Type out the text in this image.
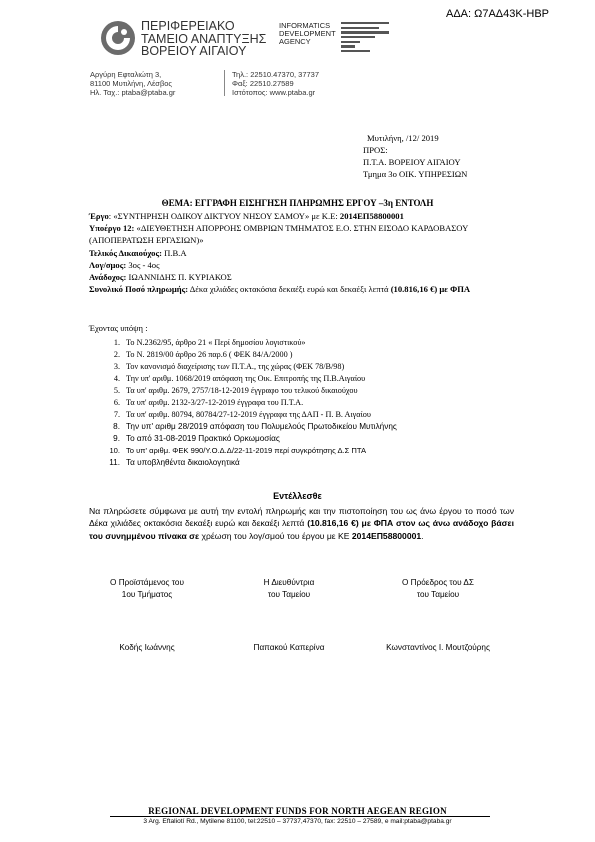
ΑΔΑ: Ω7ΑΔ43Κ-ΗΒΡ
ΠΕΡΙΦΕΡΕΙΑΚΟ
ΤΑΜΕΙΟ ΑΝΑΠΤΥΞΗΣ
ΒΟΡΕΙΟΥ ΑΙΓΑΙΟΥ
INFORMATICS
DEVELOPMENT
AGENCY
Αργύρη Εφταλιώτη 3,
81100 Μυτιλήνη, Λέσβος
Ηλ. Ταχ.: ptaba@ptaba.gr
Τηλ.: 22510.47370, 37737
Φαξ: 22510.27589
Ιστότοπος: www.ptaba.gr
Μυτιλήνη, /12/ 2019
ΠΡΟΣ:
Π.Τ.Α. ΒΟΡΕΙΟΥ ΑΙΓΑΙΟΥ
Τμημα 3ο ΟΙΚ. ΥΠΗΡΕΣΙΩΝ
ΘΕΜΑ: ΕΓΓΡΑΦΗ ΕΙΣΗΓΗΣΗ ΠΛΗΡΩΜΗΣ ΕΡΓΟΥ –3η ΕΝΤΟΛΗ
Έργο: «ΣΥΝΤΗΡΗΣΗ ΟΔΙΚΟΥ ΔΙΚΤΥΟΥ ΝΗΣΟΥ ΣΑΜΟΥ» με Κ.Ε: 2014ΕΠ58800001
Υποέργο 12: «ΔΙΕΥΘΕΤΗΣΗ ΑΠΟΡΡΟΗΣ ΟΜΒΡΙΩΝ ΤΜΗΜΑΤΟΣ Ε.Ο. ΣΤΗΝ ΕΙΣΟΔΟ ΚΑΡΔΟΒΑΣΟΥ (ΑΠΟΠΕΡΑΤΩΣΗ ΕΡΓΑΣΙΩΝ)»
Τελικός Δικαιούχος: Π.Β.Α
Λογ/σμος: 3ος - 4ος
Ανάδοχος: ΙΩΑΝΝΙΔΗΣ Π. ΚΥΡΙΑΚΟΣ
Συνολικό Ποσό πληρωμής: Δέκα χιλιάδες οκτακόσια δεκαέξι ευρώ και δεκαέξι λεπτά (10.816,16 €) με ΦΠΑ
Έχοντας υπόψη :
1. Το Ν.2362/95, άρθρο 21 « Περί δημοσίου λογιστικού»
2. Το Ν. 2819/00 άρθρο 26 παρ.6 ( ΦΕΚ 84/Α/2000 )
3. Τον κανονισμό διαχείρισης των Π.Τ.Α., της χώρας (ΦΕΚ 78/Β/98)
4. Την υπ' αριθμ. 1068/2019 απόφαση της Οικ. Επιτροπής της Π.Β.Αιγαίου
5. Τα υπ' αριθμ. 2679, 2757/18-12-2019 έγγραφο του τελικού δικαιούχου
6. Τα υπ' αριθμ. 2132-3/27-12-2019 έγγραφα του Π.Τ.Α.
7. Τα υπ' αριθμ. 80794, 80784/27-12-2019 έγγραφα της ΔΑΠ - Π. Β. Αιγαίου
8. Την υπ' αριθμ 28/2019 απόφαση του Πολυμελούς Πρωτοδικείου Μυτιλήνης
9. Το από 31-08-2019 Πρακτικό Ορκωμοσίας
10. Το υπ' αριθμ. ΦΕΚ 990/Υ.Ο.Δ.Δ/22-11-2019 περί συγκρότησης Δ.Σ ΠΤΑ
11. Τα υποβληθέντα δικαιολογητικά
Εντέλλεσθε
Να πληρώσετε σύμφωνα με αυτή την εντολή πληρωμής και την πιστοποίηση του ως άνω έργου το ποσό των Δέκα χιλιάδες οκτακόσια δεκαέξι ευρώ και δεκαέξι λεπτά (10.816,16 €) με ΦΠΑ στον ως άνω ανάδοχο βάσει του συνημμένου πίνακα σε χρέωση του λογ/σμού του έργου με ΚΕ 2014ΕΠ58800001.
Ο Προϊστάμενος του
1ου Τμήματος
Η Διευθύντρια
του Ταμείου
Ο Πρόεδρος του ΔΣ
του Ταμείου
Κοδής Ιωάννης	Παπακού Καπερίνα	Κωνσταντίνος Ι. Μουτζούρης
REGIONAL DEVELOPMENT FUNDS FOR NORTH AEGEAN REGION
3 Arg. Eftaliotí Rd., Mytilene 81100, tel:22510 – 37737,47370, fax: 22510 – 27589, e mail:ptaba@ptaba.gr
